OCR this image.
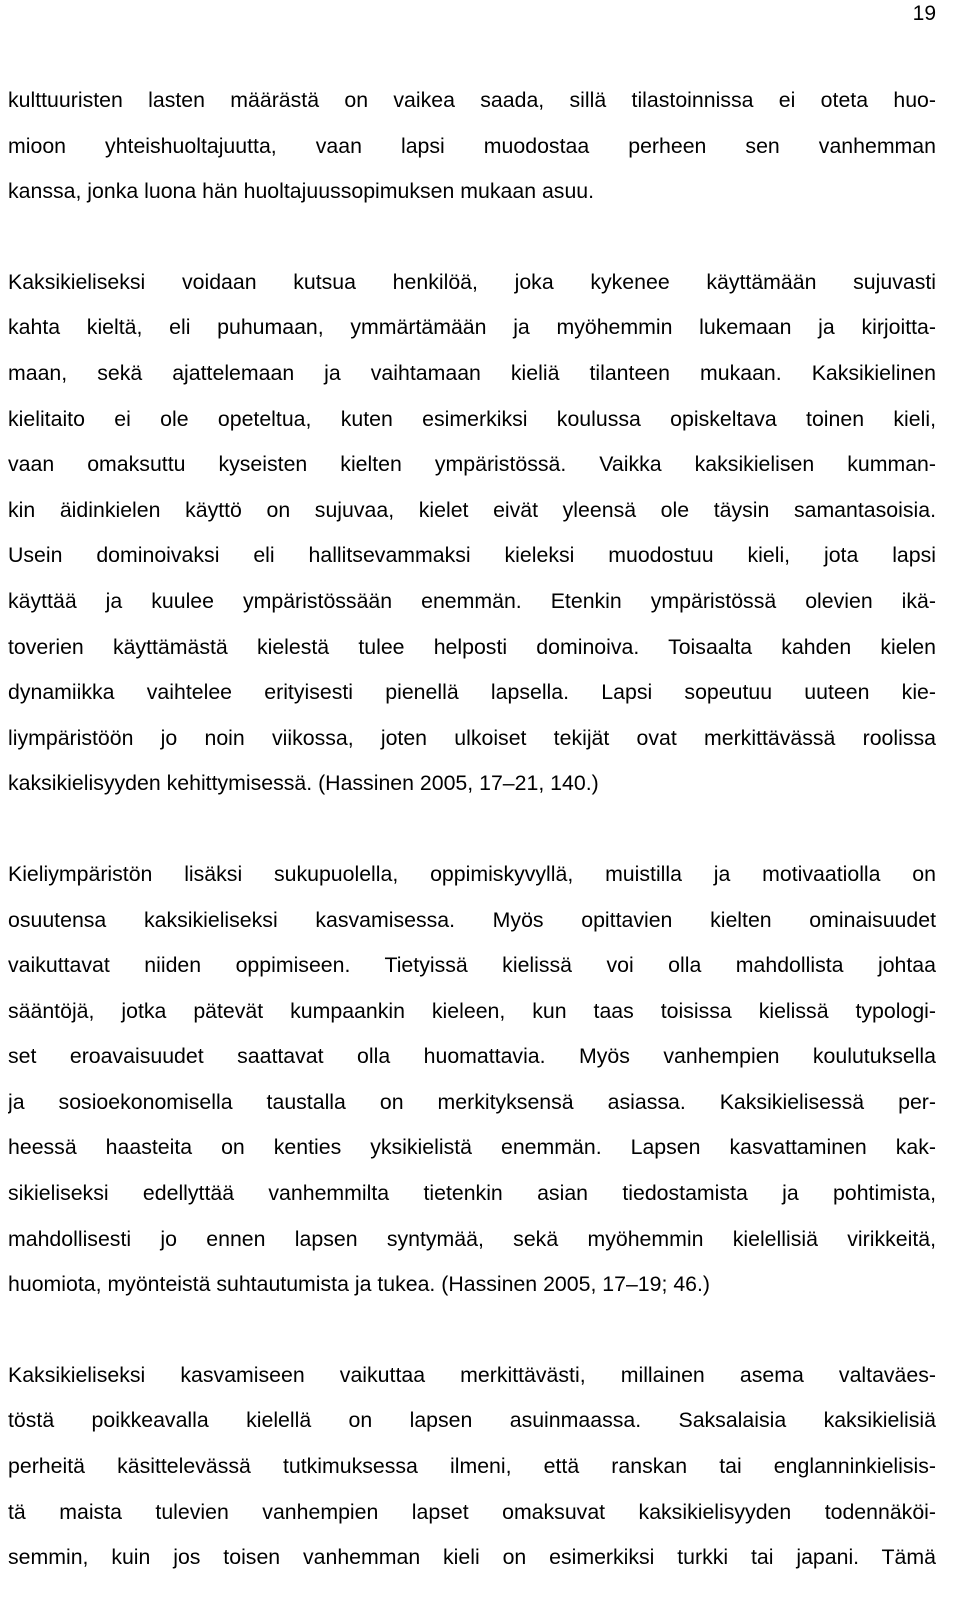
19

kulttuuristen lasten määrästä on vaikea saada, sillä tilastoinnissa ei oteta huo-
mioon yhteishuoltajuutta, vaan lapsi muodostaa perheen sen vanhemman
kanssa, jonka luona hän huoltajuussopimuksen mukaan asuu.

Kaksikieliseksi voidaan kutsua henkilöä, joka kykenee käyttämään sujuvasti
kahta kieltä, eli puhumaan, ymmärtämään ja myöhemmin lukemaan ja kirjoitta-
maan, sekä ajattelemaan ja vaihtamaan kieliä tilanteen mukaan. Kaksikielinen
kielitaito ei ole opeteltua, kuten esimerkiksi koulussa opiskeltava toinen kieli,
vaan omaksuttu kyseisten kielten ympäristössä. Vaikka kaksikielisen kumman-
kin äidinkielen käyttö on sujuvaa, kielet eivät yleensä ole täysin samantasoisia.
Usein dominoivaksi eli hallitsevammaksi kieleksi muodostuu kieli, jota lapsi
käyttää ja kuulee ympäristössään enemmän. Etenkin ympäristössä olevien ikä-
toverien käyttämästä kielestä tulee helposti dominoiva. Toisaalta kahden kielen
dynamiikka vaihtelee erityisesti pienellä lapsella. Lapsi sopeutuu uuteen kie-
liympäristöön jo noin viikossa, joten ulkoiset tekijät ovat merkittävässä roolissa
kaksikielisyyden kehittymisessä. (Hassinen 2005, 17–21, 140.)

Kieliympäristön lisäksi sukupuolella, oppimiskyvyllä, muistilla ja motivaatiolla on
osuutensa kaksikieliseksi kasvamisessa. Myös opittavien kielten ominaisuudet
vaikuttavat niiden oppimiseen. Tietyissä kielissä voi olla mahdollista johtaa
sääntöjä, jotka pätevät kumpaankin kieleen, kun taas toisissa kielissä typologi-
set eroavaisuudet saattavat olla huomattavia. Myös vanhempien koulutuksella
ja sosioekonomisella taustalla on merkityksensä asiassa. Kaksikielisessä per-
heessä haasteita on kenties yksikielistä enemmän. Lapsen kasvattaminen kak-
sikieliseksi edellyttää vanhemmilta tietenkin asian tiedostamista ja pohtimista,
mahdollisesti jo ennen lapsen syntymää, sekä myöhemmin kielellisiä virikkeitä,
huomiota, myönteistä suhtautumista ja tukea. (Hassinen 2005, 17–19; 46.)

Kaksikieliseksi kasvamiseen vaikuttaa merkittävästi, millainen asema valtaväes-
töstä poikkeavalla kielellä on lapsen asuinmaassa. Saksalaisia kaksikielisiä
perheitä käsittelevässä tutkimuksessa ilmeni, että ranskan tai englanninkielisis-
tä maista tulevien vanhempien lapset omaksuvat kaksikielisyyden todennäköi-
semmin, kuin jos toisen vanhemman kieli on esimerkiksi turkki tai japani. Tämä
